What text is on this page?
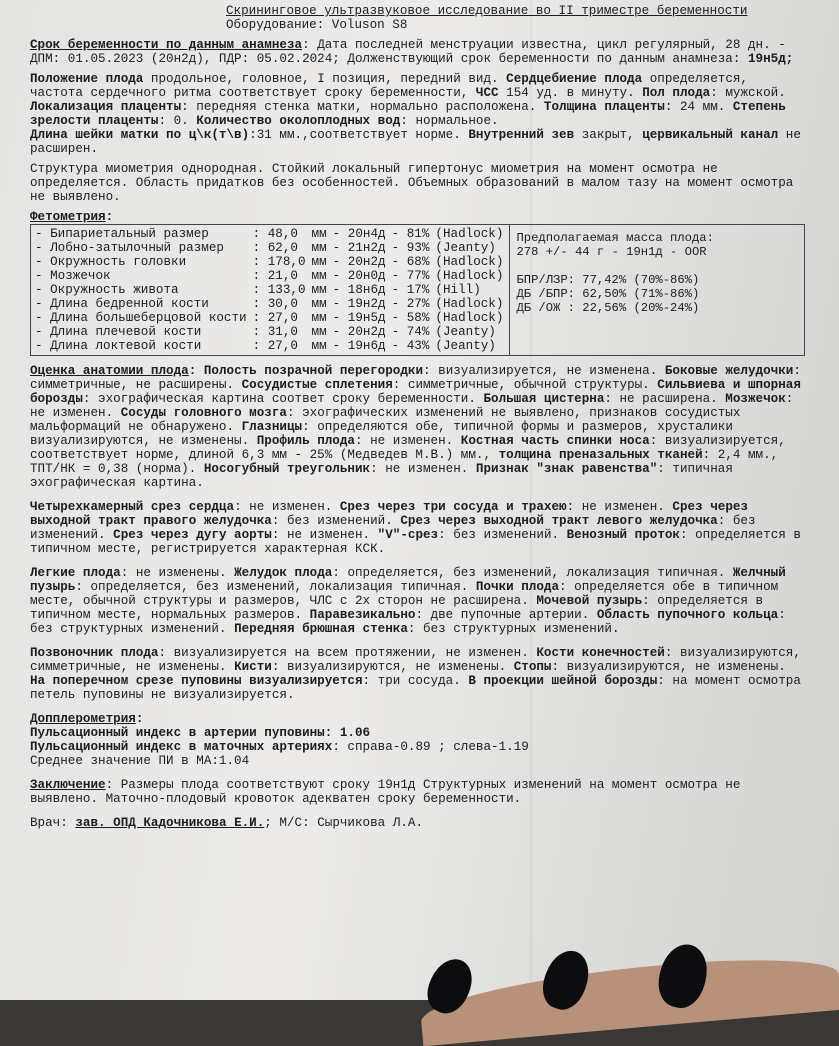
Скрининговое ультразвуковое исследование во II триместре беременности
Оборудование: Voluson S8
Срок беременности по данным анамнеза: Дата последней менструации известна, цикл регулярный, 28 дн. - ДПМ: 01.05.2023 (20н2д), ПДР: 05.02.2024; Долженствующий срок беременности по данным анамнеза: 19н5д;
Положение плода продольное, головное, I позиция, передний вид. Сердцебиение плода определяется, частота сердечного ритма соответствует сроку беременности, ЧСС 154 уд. в минуту. Пол плода: мужской. Локализация плаценты: передняя стенка матки, нормально расположена. Толщина плаценты: 24 мм. Степень зрелости плаценты: 0. Количество околоплодных вод: нормальное.
Длина шейки матки по ц\к(т\в):31 мм.,соответствует норме. Внутренний зев закрыт, цервикальный канал не расширен.
Структура миометрия однородная. Стойкий локальный гипертонус миометрия на момент осмотра не определяется. Область придатков без особенностей. Объемных образований в малом тазу на момент осмотра не выявлено.
Фетометрия:
- Бипариетальный размер	: 48,0	мм	- 20н4д	- 81%	(Hadlock)
- Лобно-затылочный размер	: 62,0	мм	- 21н2д	- 93%	(Jeanty)
- Окружность головки	: 178,0	мм	- 20н2д	- 68%	(Hadlock)
- Мозжечок	: 21,0	мм	- 20н0д	- 77%	(Hadlock)
- Окружность живота	: 133,0	мм	- 18н6д	- 17%	(Hill)
- Длина бедренной кости	: 30,0	мм	- 19н2д	- 27%	(Hadlock)
- Длина большеберцовой кости	: 27,0	мм	- 19н5д	- 58%	(Hadlock)
- Длина плечевой кости	: 31,0	мм	- 20н2д	- 74%	(Jeanty)
- Длина локтевой кости	: 27,0	мм	- 19н6д	- 43%	(Jeanty)
Предполагаемая масса плода:
278 +/- 44 г - 19н1д - OOR

БПР/ЛЗР: 77,42% (70%-86%)
ДБ /БПР: 62,50% (71%-86%)
ДБ /ОЖ : 22,56% (20%-24%)
Оценка анатомии плода: Полость позрачной перегородки: визуализируется, не изменена. Боковые желудочки: симметричные, не расширены. Сосудистые сплетения: симметричные, обычной структуры. Сильвиева и шпорная борозды: эхографическая картина соответ сроку беременности. Большая цистерна: не расширена. Мозжечок: не изменен. Сосуды головного мозга: эхографических изменений не выявлено, признаков сосудистых мальформаций не обнаружено. Глазницы: определяются обе, типичной формы и размеров, хрусталики визуализируются, не изменены. Профиль плода: не изменен. Костная часть спинки носа: визуализируется, соответствует норме, длиной 6,3 мм - 25% (Медведев М.В.) мм., толщина преназальных тканей: 2,4 мм., ТПТ/НК = 0,38 (норма). Носогубный треугольник: не изменен. Признак "знак равенства": типичная эхографическая картина.
Четырехкамерный срез сердца: не изменен. Срез через три сосуда и трахею: не изменен. Срез через выходной тракт правого желудочка: без изменений. Срез через выходной тракт левого желудочка: без изменений. Срез через дугу аорты: не изменен. "V"-срез: без изменений. Венозный проток: определяется в типичном месте, регистрируется характерная КСК.
Легкие плода: не изменены. Желудок плода: определяется, без изменений, локализация типичная. Желчный пузырь: определяется, без изменений, локализация типичная. Почки плода: определяется обе в типичном месте, обычной структуры и размеров, ЧЛС с 2х сторон не расширена. Мочевой пузырь: определяется в типичном месте, нормальных размеров. Паравезикально: две пупочные артерии. Область пупочного кольца: без структурных изменений. Передняя брюшная стенка: без структурных изменений.
Позвоночник плода: визуализируется на всем протяжении, не изменен. Кости конечностей: визуализируются, симметричные, не изменены. Кисти: визуализируются, не изменены. Стопы: визуализируются, не изменены. На поперечном срезе пуповины визуализируется: три сосуда. В проекции шейной борозды: на момент осмотра петель пуповины не визуализируется.
Допплерометрия:
Пульсационный индекс в артерии пуповины: 1.06
Пульсационный индекс в маточных артериях: справа-0.89 ; слева-1.19
Среднее значение ПИ в МА:1.04
Заключение: Размеры плода соответствуют сроку 19н1д Структурных изменений на момент осмотра не выявлено. Маточно-плодовый кровоток адекватен сроку беременности.
Врач: зав. ОПД Кадочникова Е.И.; М/С: Сырчикова Л.А.
